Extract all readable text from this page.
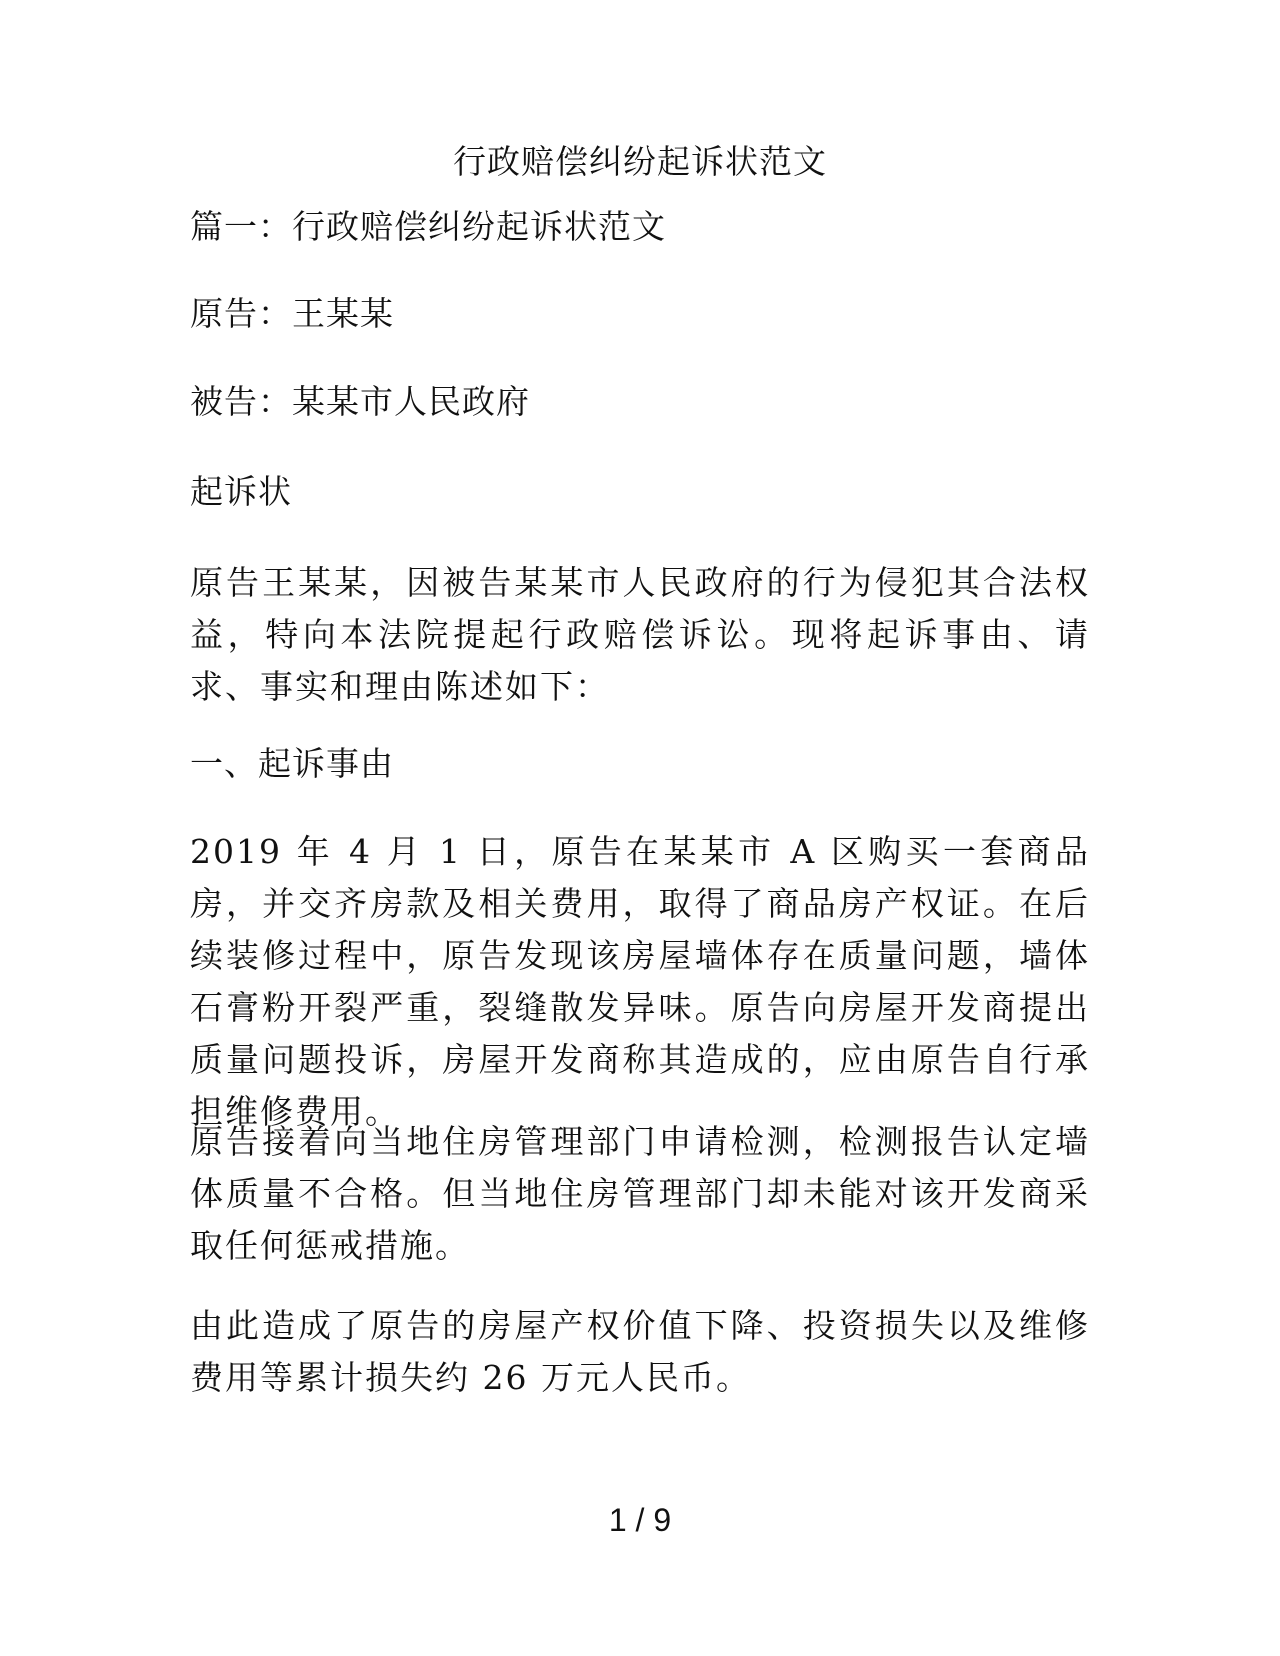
行政赔偿纠纷起诉状范文
篇一：行政赔偿纠纷起诉状范文
原告：王某某
被告：某某市人民政府
起诉状
原告王某某，因被告某某市人民政府的行为侵犯其合法权益，特向本法院提起行政赔偿诉讼。现将起诉事由、请求、事实和理由陈述如下：
一、起诉事由
2019 年 4 月 1 日，原告在某某市 A 区购买一套商品房，并交齐房款及相关费用，取得了商品房产权证。在后续装修过程中，原告发现该房屋墙体存在质量问题，墙体石膏粉开裂严重，裂缝散发异味。原告向房屋开发商提出质量问题投诉，房屋开发商称其造成的，应由原告自行承担维修费用。
原告接着向当地住房管理部门申请检测，检测报告认定墙体质量不合格。但当地住房管理部门却未能对该开发商采取任何惩戒措施。
由此造成了原告的房屋产权价值下降、投资损失以及维修费用等累计损失约 26 万元人民币。
1 / 9
